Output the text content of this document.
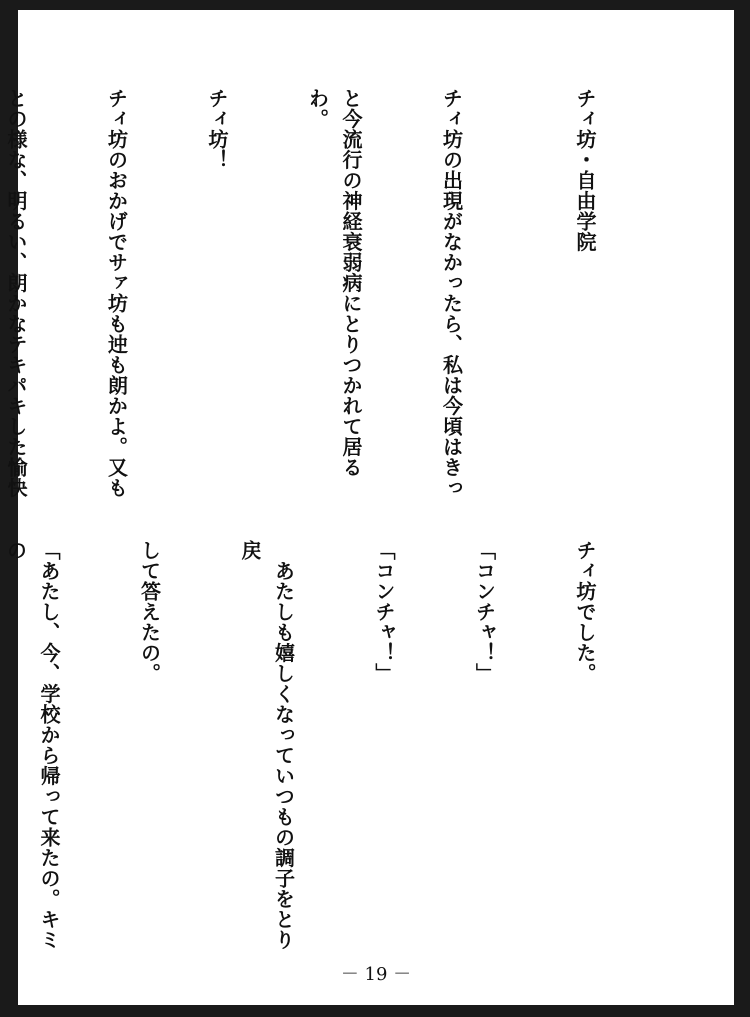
チィ坊・自由学院

チィ坊の出現がなかったら、私は今頃はきっ

と今流行の神経衰弱病にとりつかれて居るわ。

チィ坊！

チィ坊のおかげでサァ坊も迚も朗かよ。又も

との様な、明るい、朗かなテキパキした愉快

チィ坊でした。

「コンチャ！」

「コンチャ！」

　あたしも嬉しくなっていつもの調子をとり戻

して答えたの。

「あたし、今、学校から帰って来たの。キミの

－ 19 －
